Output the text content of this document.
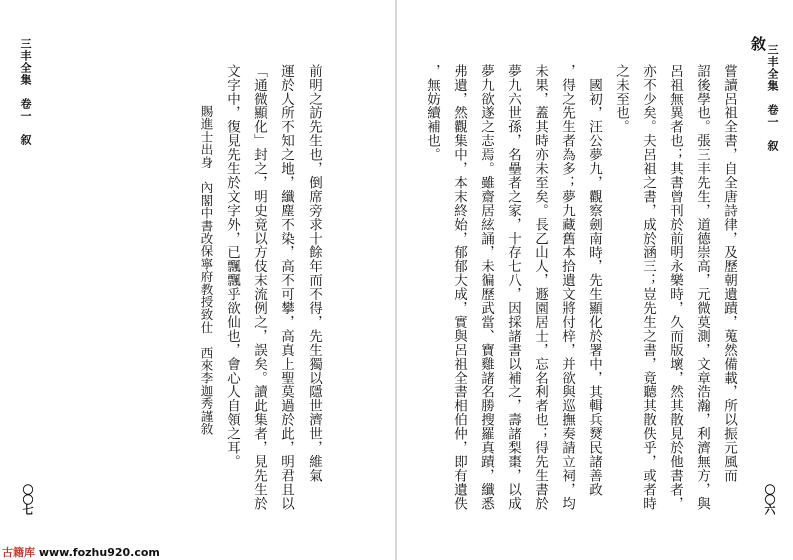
三丰全集　卷一　叙	前明之訪先生也，倒席旁求十餘年而不得，先生獨以隱世濟世，維氣
運於人所不知之地，纖塵不染，高不可攀，高真上聖莫過於此，明君且以
「通微顯化」封之，明史竟以方伎末流例之，誤矣。讀此集者，見先生於
文字中，復見先生於文字外，已飄飄乎欲仙也，會心人自領之耳。
賜進士出身　內閣中書改保寧府教授致仕　西來李迦秀謹敘
〇〇七
敘
三丰全集　卷一　叙
嘗讀呂祖全書，自全唐詩律，及歷朝遺蹟，蒐然備載，所以振元風而
詔後學也。張三丰先生，道德崇高，元微莫測，文章浩瀚，利濟無方，與
呂祖無異者也；其書曾刊於前明永樂時，久而版壞，然其散見於他書者，
亦不少矣。夫呂祖之書，成於涵三；豈先生之書，竟聽其散佚乎，或者時
之未至也。
國初，汪公夢九，觀察劍南時，先生顯化於署中，其輯兵燹民諸善政
，得之先生者為多；夢九藏舊本拾遺文將付梓，并欲與巡撫奏請立祠，均
未果，蓋其時亦未至矣。長乙山人，遯園居士，忘名利者也；得先生書於
夢九六世孫，名壘者之家，十存七八，因採諸書以補之，壽諸梨棗，以成
夢九欲遂之志焉。雖齋居絃誦，未徧歷武當、寶雞諸名勝搜羅真蹟，纖悉
弗遺，然觀集中，本末終始，郁郁大成，實與呂祖全書相伯仲，即有遺佚
，無妨續補也。
〇〇六
古籍库 www.fozhu920.com
